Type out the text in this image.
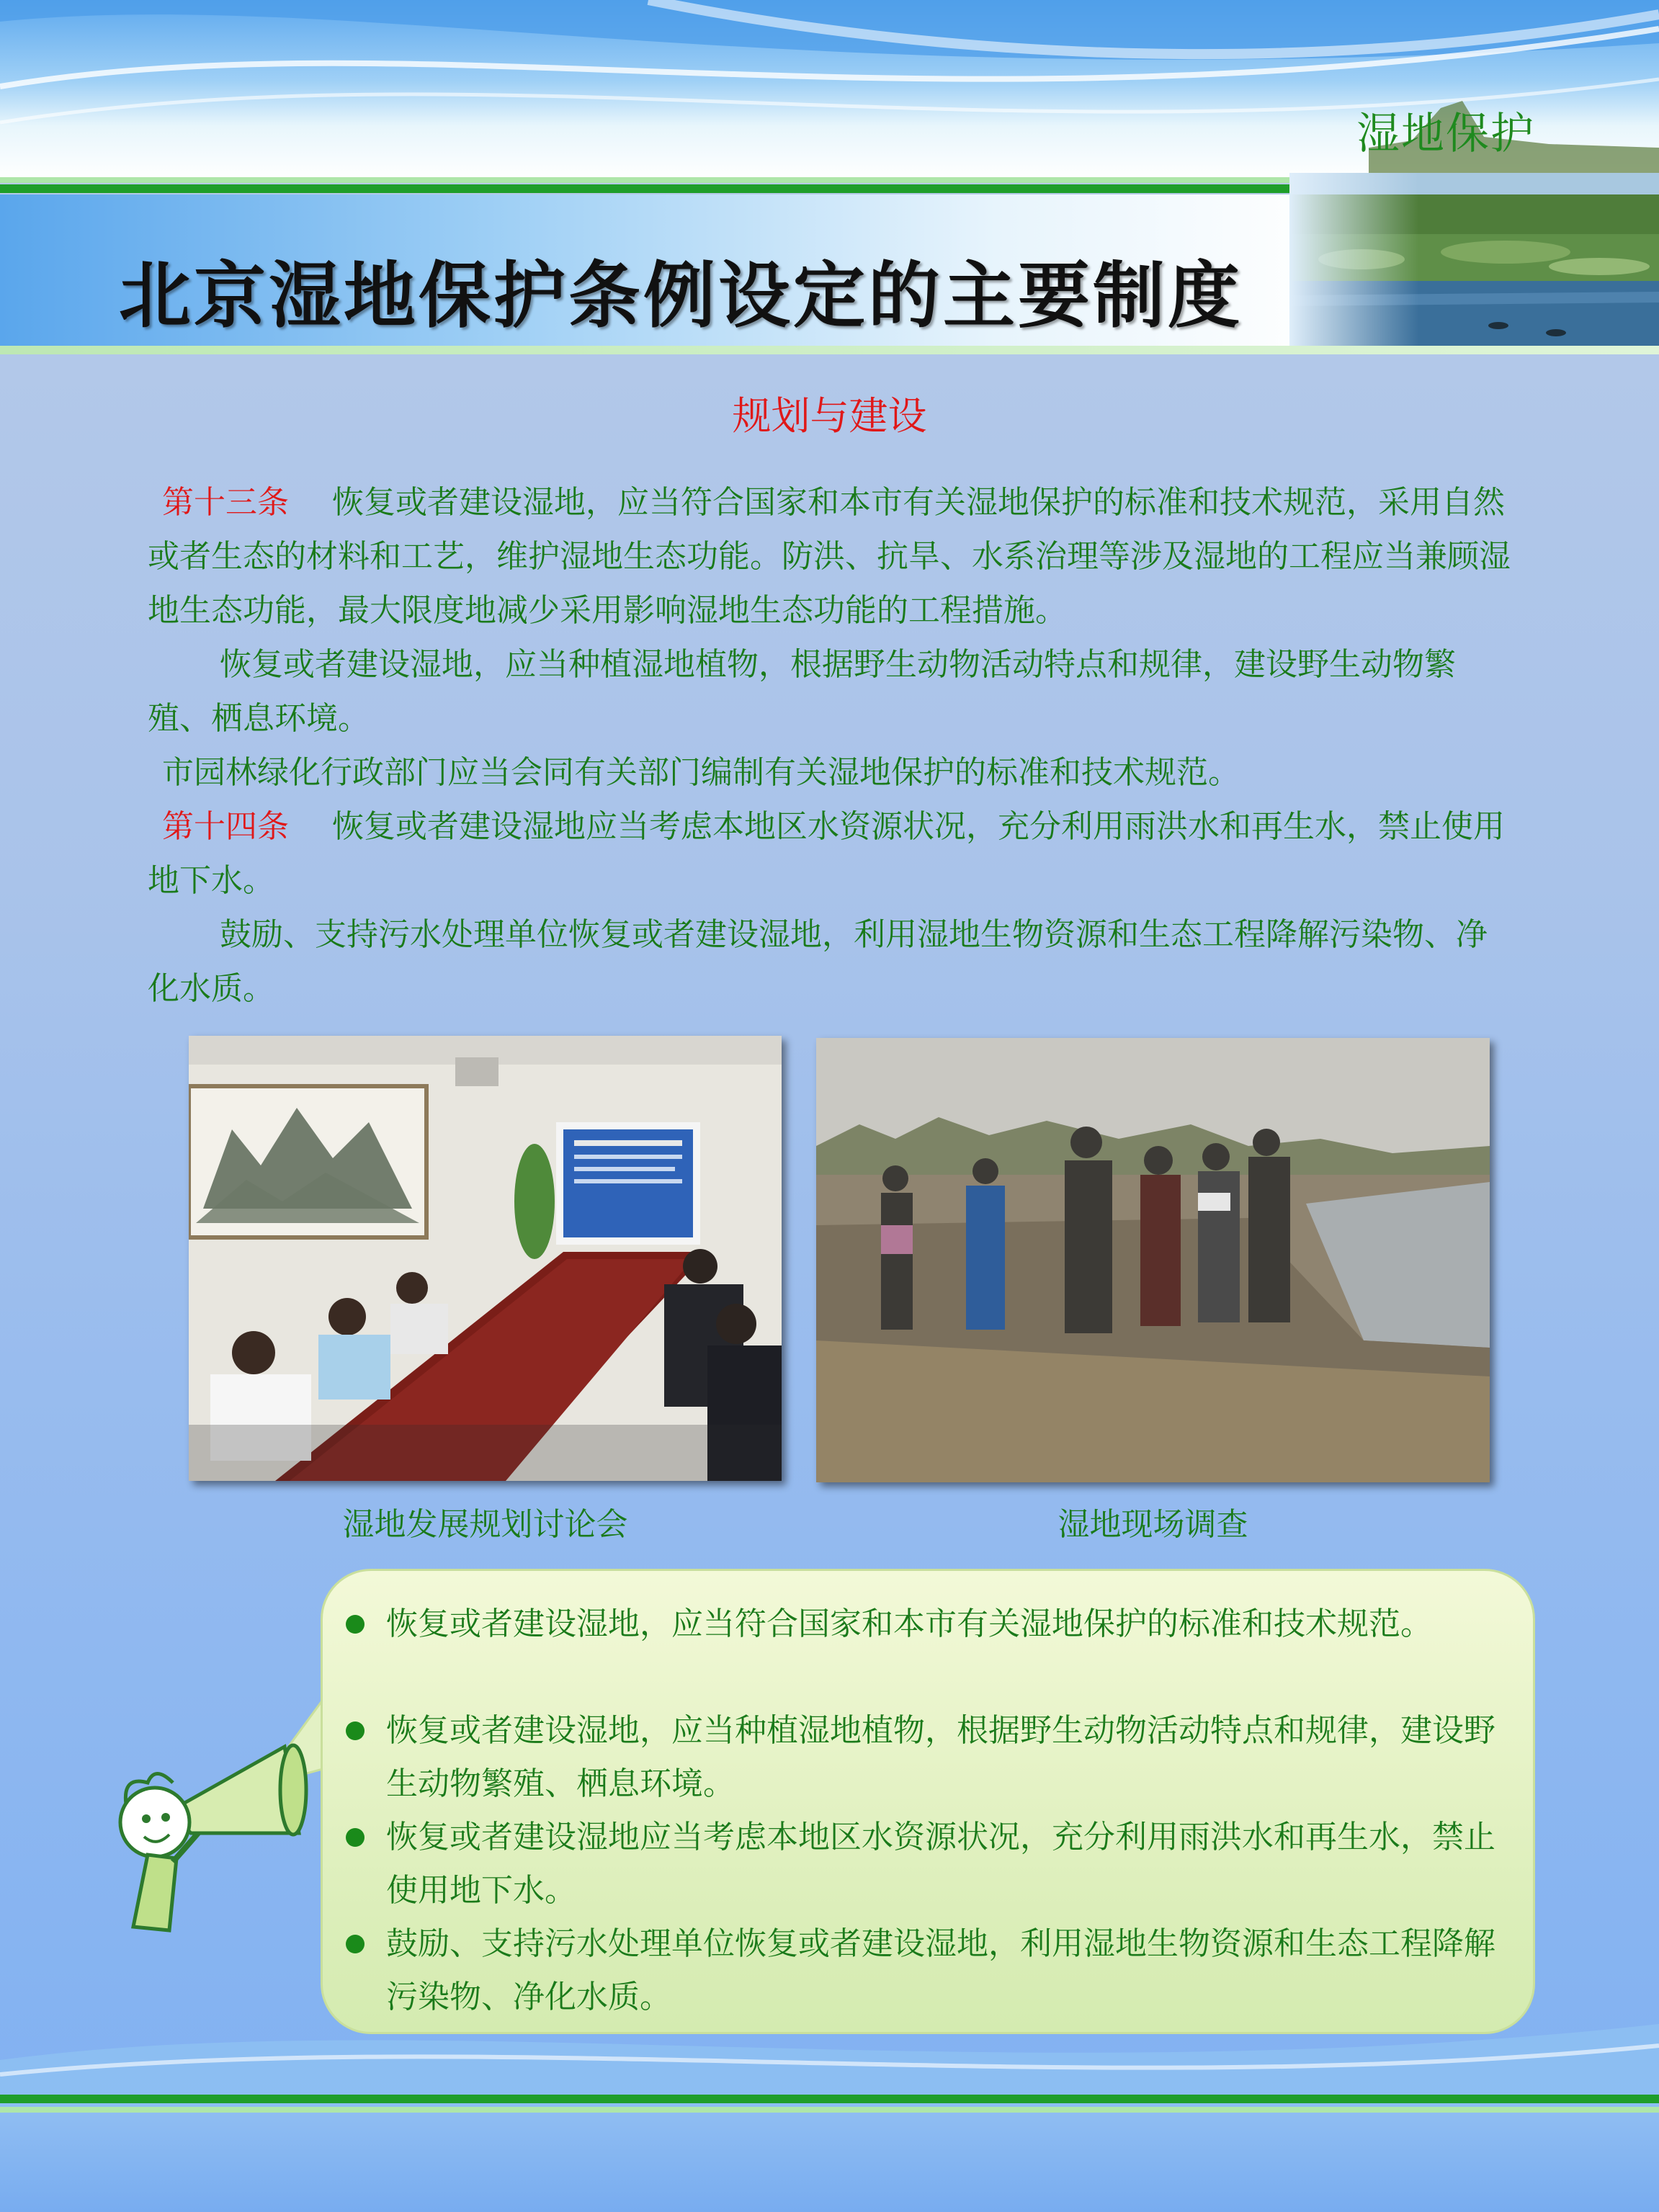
湿地保护
北京湿地保护条例设定的主要制度
规划与建设
第十三条 恢复或者建设湿地，应当符合国家和本市有关湿地保护的标准和技术规范，采用自然或者生态的材料和工艺，维护湿地生态功能。防洪、抗旱、水系治理等涉及湿地的工程应当兼顾湿地生态功能，最大限度地减少采用影响湿地生态功能的工程措施。
恢复或者建设湿地，应当种植湿地植物，根据野生动物活动特点和规律，建设野生动物繁殖、栖息环境。
市园林绿化行政部门应当会同有关部门编制有关湿地保护的标准和技术规范。
第十四条 恢复或者建设湿地应当考虑本地区水资源状况，充分利用雨洪水和再生水，禁止使用地下水。
鼓励、支持污水处理单位恢复或者建设湿地，利用湿地生物资源和生态工程降解污染物、净化水质。
湿地发展规划讨论会	湿地现场调查
恢复或者建设湿地，应当符合国家和本市有关湿地保护的标准和技术规范。
恢复或者建设湿地，应当种植湿地植物，根据野生动物活动特点和规律，建设野生动物繁殖、栖息环境。
恢复或者建设湿地应当考虑本地区水资源状况，充分利用雨洪水和再生水，禁止使用地下水。
鼓励、支持污水处理单位恢复或者建设湿地，利用湿地生物资源和生态工程降解污染物、净化水质。
